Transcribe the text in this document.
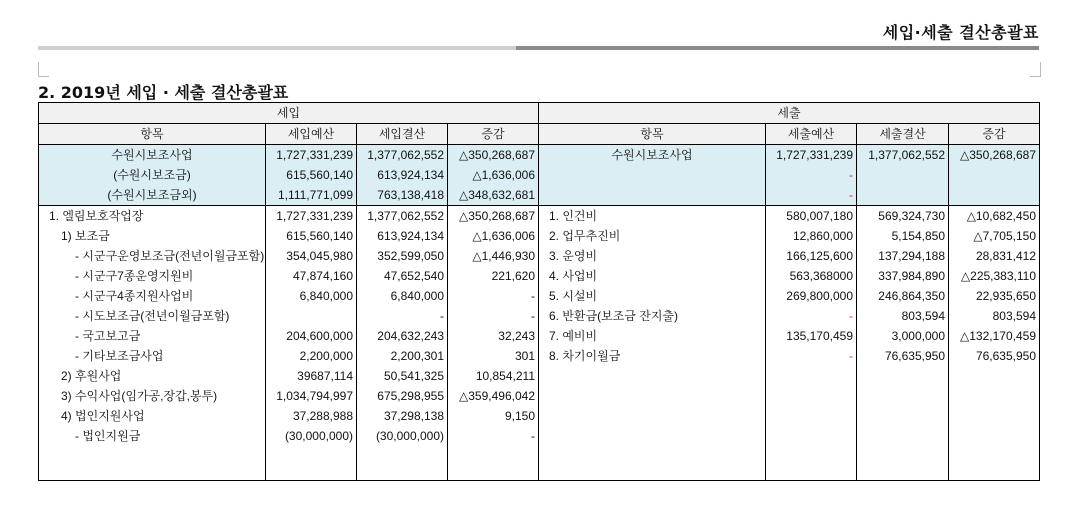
세입·세출 결산총괄표
2. 2019년 세입 · 세출 결산총괄표
세입				세출			
항목	세입예산	세입결산	증감	항목	세출예산	세출결산	증감
수원시보조사업	1,727,331,239	1,377,062,552	△350,268,687	수원시보조사업	1,727,331,239	1,377,062,552	△350,268,687
(수원시보조금)	615,560,140	613,924,134	△1,636,006		-		
(수원시보조금외)	1,111,771,099	763,138,418	△348,632,681		-		
1. 엘림보호작업장	1,727,331,239	1,377,062,552	△350,268,687	1. 인건비	580,007,180	569,324,730	△10,682,450
1) 보조금	615,560,140	613,924,134	△1,636,006	2. 업무추진비	12,860,000	5,154,850	△7,705,150
- 시군구운영보조금(전년이월금포함)	354,045,980	352,599,050	△1,446,930	3. 운영비	166,125,600	137,294,188	28,831,412
- 시군구7종운영지원비	47,874,160	47,652,540	221,620	4. 사업비	563,368000	337,984,890	△225,383,110
- 시군구4종지원사업비	6,840,000	6,840,000	-	5. 시설비	269,800,000	246,864,350	22,935,650
- 시도보조금(전년이월금포함)		-	-	6. 반환금(보조금 잔지출)	-	803,594	803,594
- 국고보고금	204,600,000	204,632,243	32,243	7. 예비비	135,170,459	3,000,000	△132,170,459
- 기타보조금사업	2,200,000	2,200,301	301	8. 차기이월금	-	76,635,950	76,635,950
2) 후원사업	39687,114	50,541,325	10,854,211				
3) 수익사업(임가공,장갑,봉투)	1,034,794,997	675,298,955	△359,496,042				
4) 법인지원사업	37,288,988	37,298,138	9,150				
- 법인지원금	(30,000,000)	(30,000,000)	-				
